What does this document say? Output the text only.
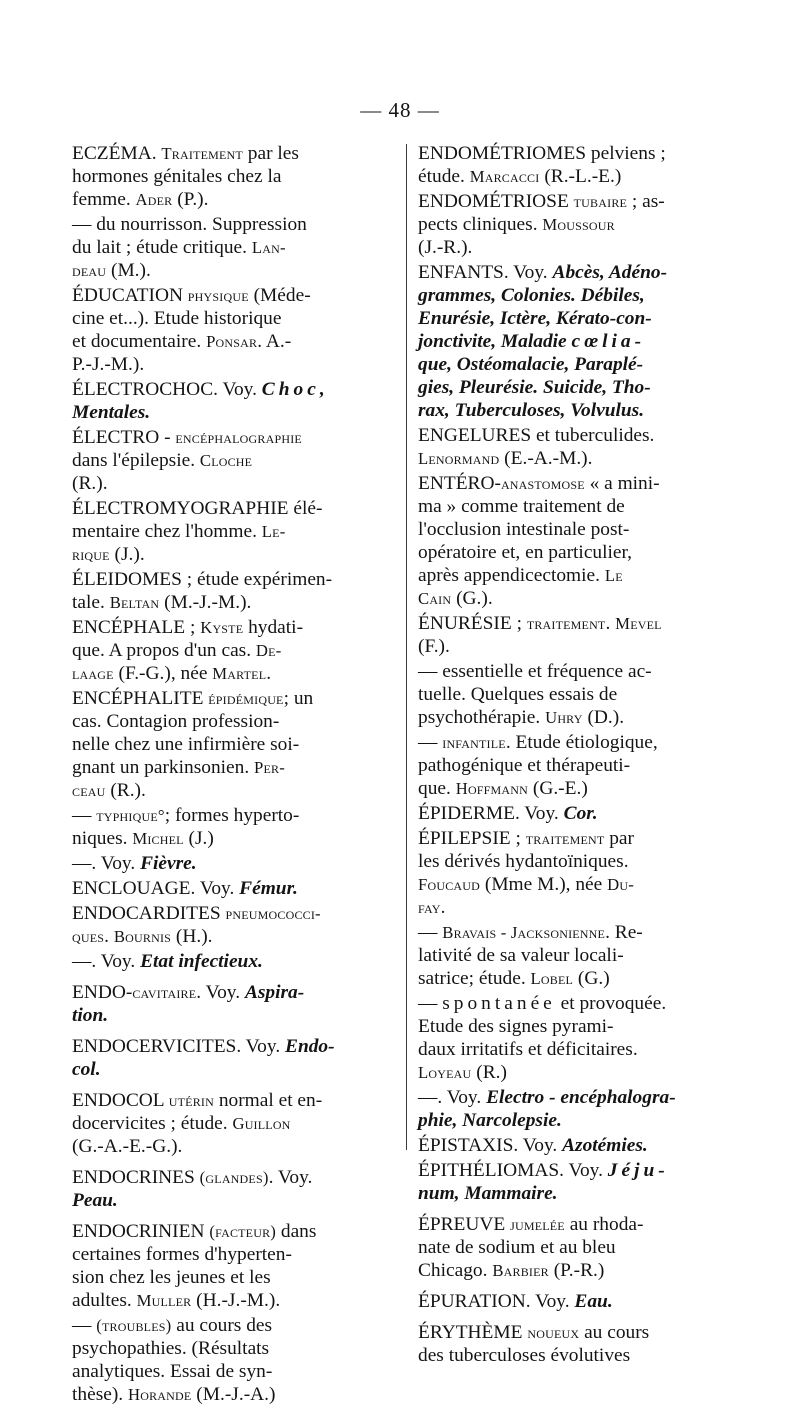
— 48 —
ECZÉMA. Traitement par les
hormones génitales chez la
femme. Ader (P.).
— du nourrisson. Suppression
du lait ; étude critique. Lan-
deau (M.).
ÉDUCATION physique (Méde-
cine et...). Etude historique
et documentaire. Ponsar. A.-
P.-J.-M.).
ÉLECTROCHOC. Voy. Choc,
Mentales.
ÉLECTRO - encéphalographie
dans l'épilepsie. Cloche
(R.).
ÉLECTROMYOGRAPHIE élé-
mentaire chez l'homme. Le-
rique (J.).
ÉLEIDOMES ; étude expérimen-
tale. Beltan (M.-J.-M.).
ENCÉPHALE ; Kyste hydati-
que. A propos d'un cas. De-
laage (F.-G.), née Martel.
ENCÉPHALITE épidémique; un
cas. Contagion profession-
nelle chez une infirmière soi-
gnant un parkinsonien. Per-
ceau (R.).
— typhique°; formes hyperto-
niques. Michel (J.)
—. Voy. Fièvre.
ENCLOUAGE. Voy. Fémur.
ENDOCARDITES pneumococci-
ques. Bournis (H.).
—. Voy. Etat infectieux.
ENDO-cavitaire. Voy. Aspira-
tion.
ENDOCERVICITES. Voy. Endo-
col.
ENDOCOL utérin normal et en-
docervicites ; étude. Guillon
(G.-A.-E.-G.).
ENDOCRINES (glandes). Voy.
Peau.
ENDOCRINIEN (facteur) dans
certaines formes d'hyperten-
sion chez les jeunes et les
adultes. Muller (H.-J.-M.).
— (troubles) au cours des
psychopathies. (Résultats
analytiques. Essai de syn-
thèse). Horande (M.-J.-A.)
ENDOMÉTRIOMES pelviens ;
étude. Marcacci (R.-L.-E.)
ENDOMÉTRIOSE tubaire ; as-
pects cliniques. Moussour
(J.-R.).
ENFANTS. Voy. Abcès, Adéno-
grammes, Colonies. Débiles,
Enurésie, Ictère, Kérato-con-
jonctivite, Maladie cœlia-
que, Ostéomalacie, Paraplé-
gies, Pleurésie. Suicide, Tho-
rax, Tuberculoses, Volvulus.
ENGELURES et tuberculides.
Lenormand (E.-A.-M.).
ENTÉRO-anastomose « a mini-
ma » comme traitement de
l'occlusion intestinale post-
opératoire et, en particulier,
après appendicectomie. Le
Cain (G.).
ÉNURÉSIE ; traitement. Mevel
(F.).
— essentielle et fréquence ac-
tuelle. Quelques essais de
psychothérapie. Uhry (D.).
— infantile. Etude étiologique,
pathogénique et thérapeuti-
que. Hoffmann (G.-E.)
ÉPIDERME. Voy. Cor.
ÉPILEPSIE ; traitement par
les dérivés hydantoïniques.
Foucaud (Mme M.), née Du-
fay.
— Bravais - Jacksonienne. Re-
lativité de sa valeur locali-
satrice; étude. Lobel (G.)
— spontanée et provoquée.
Etude des signes pyrami-
daux irritatifs et déficitaires.
Loyeau (R.)
—. Voy. Electro - encéphalogra-
phie, Narcolepsie.
ÉPISTAXIS. Voy. Azotémies.
ÉPITHÉLIOMAS. Voy. Jéju-
num, Mammaire.
ÉPREUVE jumelée au rhoda-
nate de sodium et au bleu
Chicago. Barbier (P.-R.)
ÉPURATION. Voy. Eau.
ÉRYTHÈME noueux au cours
des tuberculoses évolutives
